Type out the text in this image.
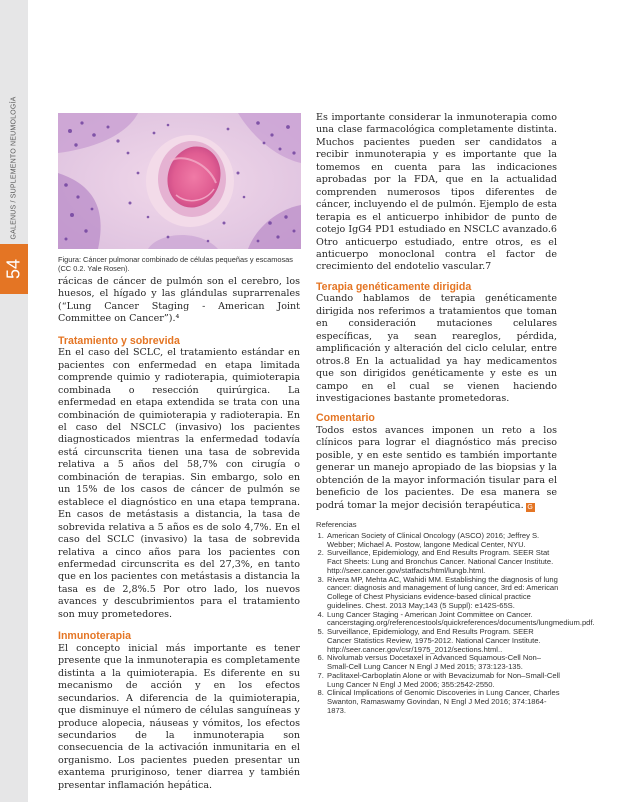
GALENUS / SUPLEMENTO NEUMOLOGÍA
54	Figura: Cáncer pulmonar combinado de células pequeñas y escamosas (CC 0.2. Yale Rosen).

rácicas de cáncer de pulmón son el cerebro, los huesos, el hígado y las glándulas suprarrenales (“Lung Cancer Staging - American Joint Committee on Cancer”).⁴

Tratamiento y sobrevida

En el caso del SCLC, el tratamiento estándar en pacientes con enfermedad en etapa limitada comprende quimio y radioterapia, quimioterapia combinada o resección quirúrgica. La enfermedad en etapa extendida se trata con una combinación de quimioterapia y radioterapia. En el caso del NSCLC (invasivo) los pacientes diagnosticados mientras la enfermedad todavía está circunscrita tienen una tasa de sobrevida relativa a 5 años del 58,7% con cirugía o combinación de terapias. Sin embargo, solo en un 15% de los casos de cáncer de pulmón se establece el diagnóstico en una etapa temprana. En casos de metástasis a distancia, la tasa de sobrevida relativa a 5 años es de solo 4,7%. En el caso del SCLC (invasivo) la tasa de sobrevida relativa a cinco años para los pacientes con enfermedad circunscrita es del 27,3%, en tanto que en los pacientes con metástasis a distancia la tasa es de 2,8%.5 Por otro lado, los nuevos avances y descubrimientos para el tratamiento son muy prometedores.

Inmunoterapia

El concepto inicial más importante es tener presente que la inmunoterapia es completamente distinta a la quimioterapia. Es diferente en su mecanismo de acción y en los efectos secundarios. A diferencia de la quimioterapia, que disminuye el número de células sanguíneas y produce alopecia, náuseas y vómitos, los efectos secundarios de la inmunoterapia son consecuencia de la activación inmunitaria en el organismo. Los pacientes pueden presentar un exantema pruriginoso, tener diarrea y también presentar inflamación hepática.

Es importante considerar la inmunoterapia como una clase farmacológica completamente distinta. Muchos pacientes pueden ser candidatos a recibir inmunoterapia y es importante que la tomemos en cuenta para las indicaciones aprobadas por la FDA, que en la actualidad comprenden numerosos tipos diferentes de cáncer, incluyendo el de pulmón. Ejemplo de esta terapia es el anticuerpo inhibidor de punto de cotejo IgG4 PD1 estudiado en NSCLC avanzado.6 Otro anticuerpo estudiado, entre otros, es el anticuerpo monoclonal contra el factor de crecimiento del endotelio vascular.7

Terapia genéticamente dirigida

Cuando hablamos de terapia genéticamente dirigida nos referimos a tratamientos que toman en consideración mutaciones celulares específicas, ya sean reareglos, pérdida, amplificación y alteración del ciclo celular, entre otros.8 En la actualidad ya hay medicamentos que son dirigidos genéticamente y este es un campo en el cual se vienen haciendo investigaciones bastante prometedoras.

Comentario

Todos estos avances imponen un reto a los clínicos para lograr el diagnóstico más preciso posible, y en este sentido es también importante generar un manejo apropiado de las biopsias y la obtención de la mayor información tisular para el beneficio de los pacientes. De esa manera se podrá tomar la mejor decisión terapéutica. G

Referencias
1. American Society of Clinical Oncology (ASCO) 2016; Jeffrey S. Webber; Michael A. Postow, langone Medical Center, NYU.
2. Surveillance, Epidemiology, and End Results Program. SEER Stat Fact Sheets: Lung and Bronchus Cancer. National Cancer Institute. http://seer.cancer.gov/statfacts/html/lungb.html.
3. Rivera MP, Mehta AC, Wahidi MM. Establishing the diagnosis of lung cancer: diagnosis and management of lung cancer, 3rd ed: American College of Chest Physicians evidence-based clinical practice guidelines. Chest. 2013 May;143 (5 Suppl): e142S-65S.
4. Lung Cancer Staging - American Joint Committee on Cancer. cancerstaging.org/referencestools/quickreferences/documents/lungmedium.pdf.
5. Surveillance, Epidemiology, and End Results Program. SEER Cancer Statistics Review, 1975-2012. National Cancer Institute. http://seer.cancer.gov/csr/1975_2012/sections.html..
6. Nivolumab versus Docetaxel in Advanced Squamous-Cell Non–Small-Cell Lung Cancer N Engl J Med 2015; 373:123-135.
7. Paclitaxel-Carboplatin Alone or with Bevacizumab for Non–Small-Cell Lung Cancer N Engl J Med 2006; 355:2542-2550.
8. Clinical Implications of Genomic Discoveries in Lung Cancer, Charles Swanton, Ramaswamy Govindan, N Engl J Med 2016; 374:1864-1873.
